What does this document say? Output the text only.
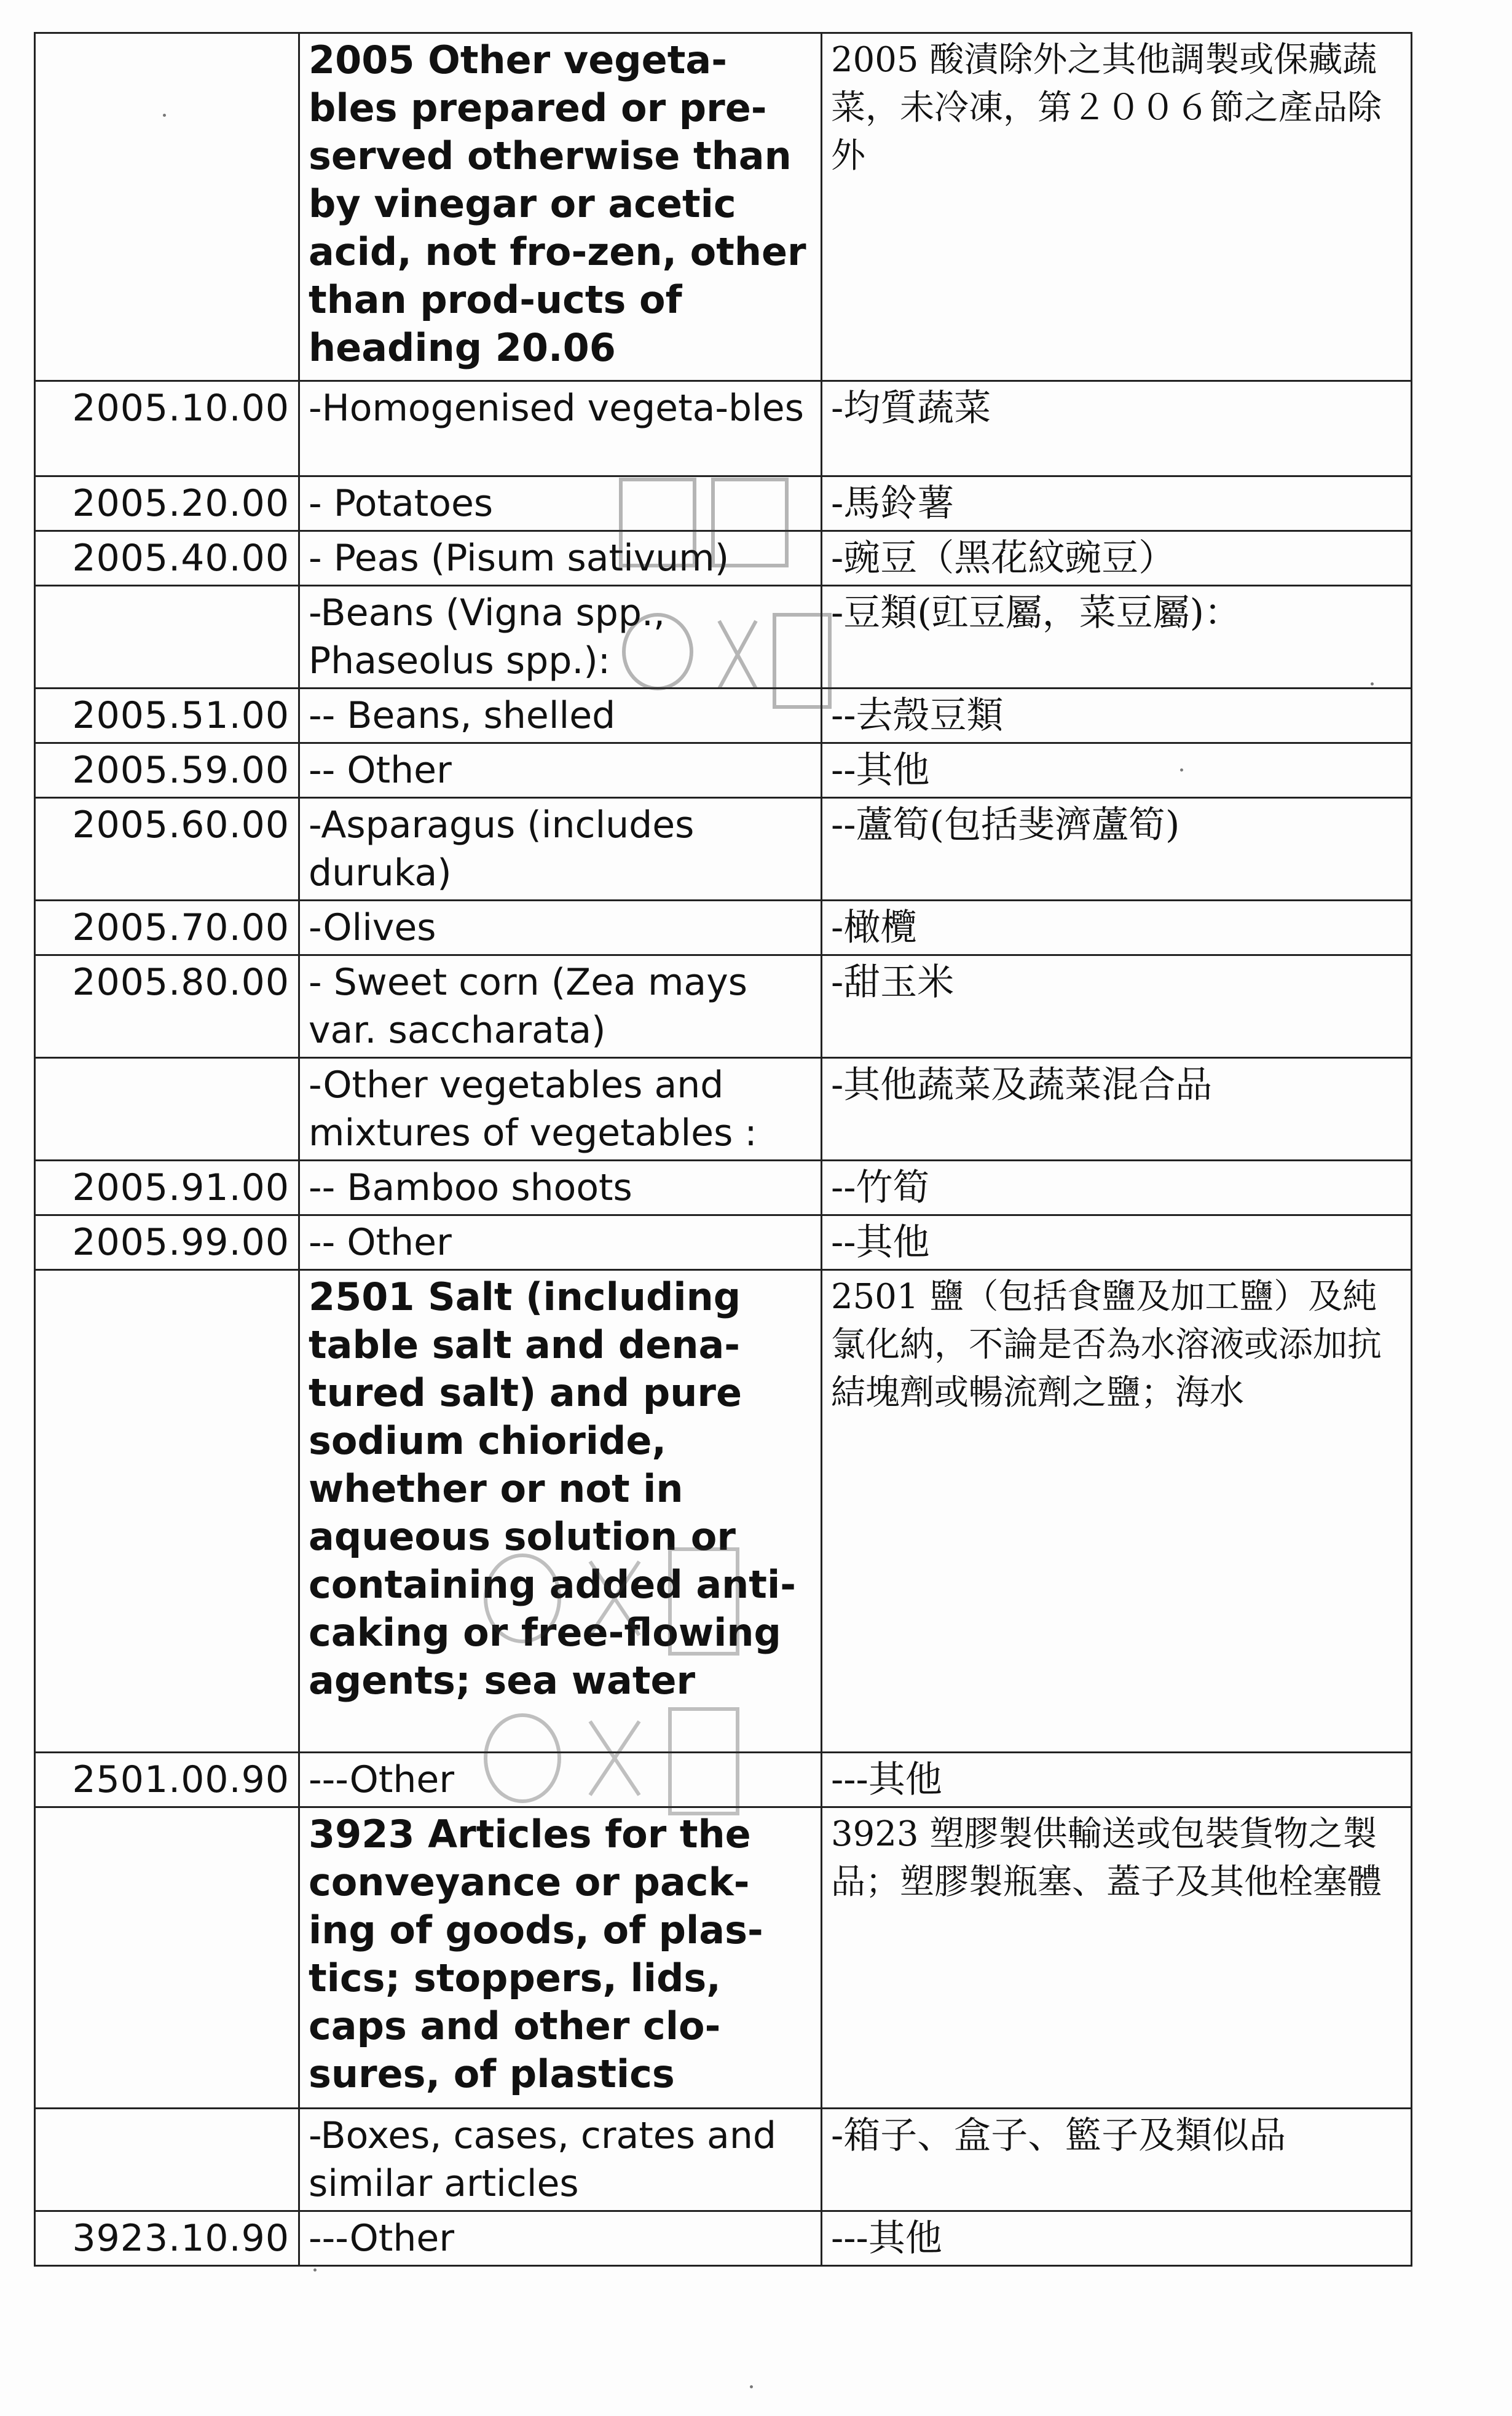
	2005 Other vegeta-bles prepared or pre-served otherwise than by vinegar or acetic acid, not fro-zen, other than prod-ucts of heading 20.06	2005 酸漬除外之其他調製或保藏蔬菜，未冷凍，第２００６節之產品除外
2005.10.00	-Homogenised vegeta-bles	-均質蔬菜
2005.20.00	- Potatoes	-馬鈴薯
2005.40.00	- Peas (Pisum sativum)	-豌豆（黑花紋豌豆）
	-Beans (Vigna spp., Phaseolus spp.):	-豆類(豇豆屬，菜豆屬)：
2005.51.00	-- Beans, shelled	--去殼豆類
2005.59.00	-- Other	--其他
2005.60.00	-Asparagus (includes duruka)	--蘆筍(包括斐濟蘆筍)
2005.70.00	-Olives	-橄欖
2005.80.00	- Sweet corn (Zea mays var. saccharata)	-甜玉米
	-Other vegetables and mixtures of vegetables :	-其他蔬菜及蔬菜混合品
2005.91.00	-- Bamboo shoots	--竹筍
2005.99.00	-- Other	--其他
	2501 Salt (including table salt and dena-tured salt) and pure sodium chioride, whether or not in aqueous solution or containing added anti-caking or free-flowing agents; sea water	2501 鹽（包括食鹽及加工鹽）及純氯化納，不論是否為水溶液或添加抗結塊劑或暢流劑之鹽；海水
2501.00.90	---Other	---其他
	3923 Articles for the conveyance or pack-ing of goods, of plas-tics; stoppers, lids, caps and other clo-sures, of plastics	3923 塑膠製供輸送或包裝貨物之製品；塑膠製瓶塞、蓋子及其他栓塞體
	-Boxes, cases, crates and similar articles	-箱子、盒子、籃子及類似品
3923.10.90	---Other	---其他
